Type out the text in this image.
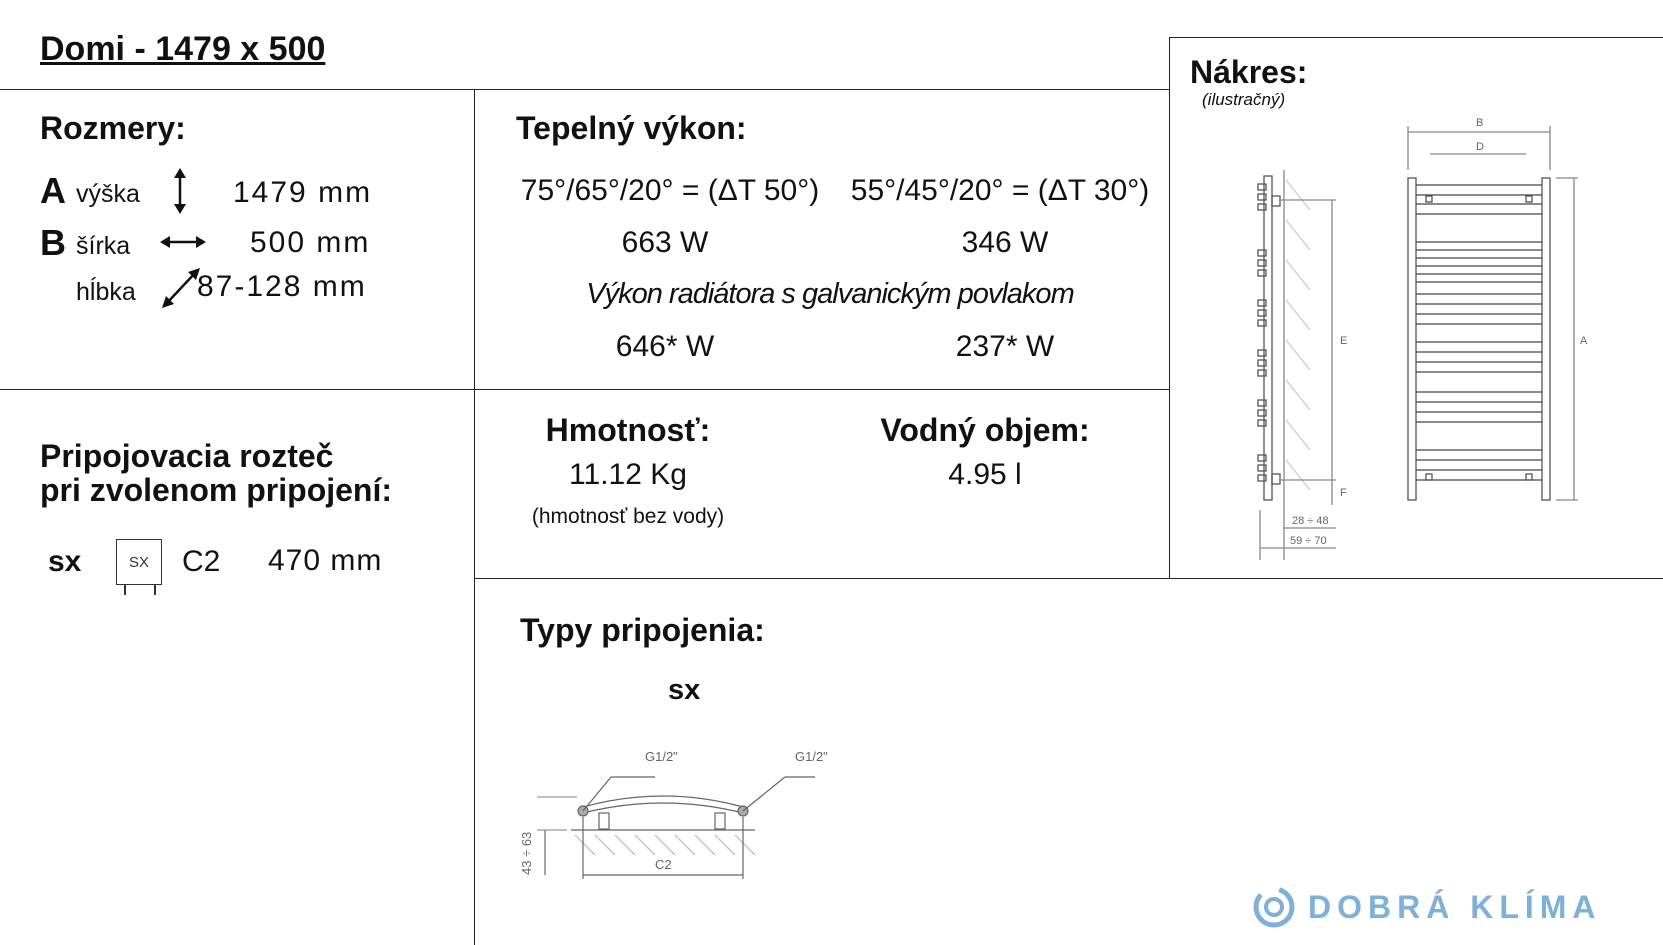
Domi - 1479 x 500
Rozmery:
A výška	1479 mm
B šírka	500 mm
hĺbka 87-128 mm
Tepelný výkon:
75°/65°/20° = (ΔT 50°)	55°/45°/20° = (ΔT 30°)
663 W	346 W
Výkon radiátora s galvanickým povlakom
646* W	237* W
Nákres:
(ilustračný)
B
D
E	A
F
28 ÷ 48
59 ÷ 70
Pripojovacia rozteč
pri zvolenom pripojení:
sx	SX C2 470 mm
Hmotnosť:
11.12 Kg
(hmotnosť bez vody)
Vodný objem:
4.95 l
Typy pripojenia:
sx
G1/2"	G1/2"
C2
43 ÷ 63
DOBRÁ KLÍMA
